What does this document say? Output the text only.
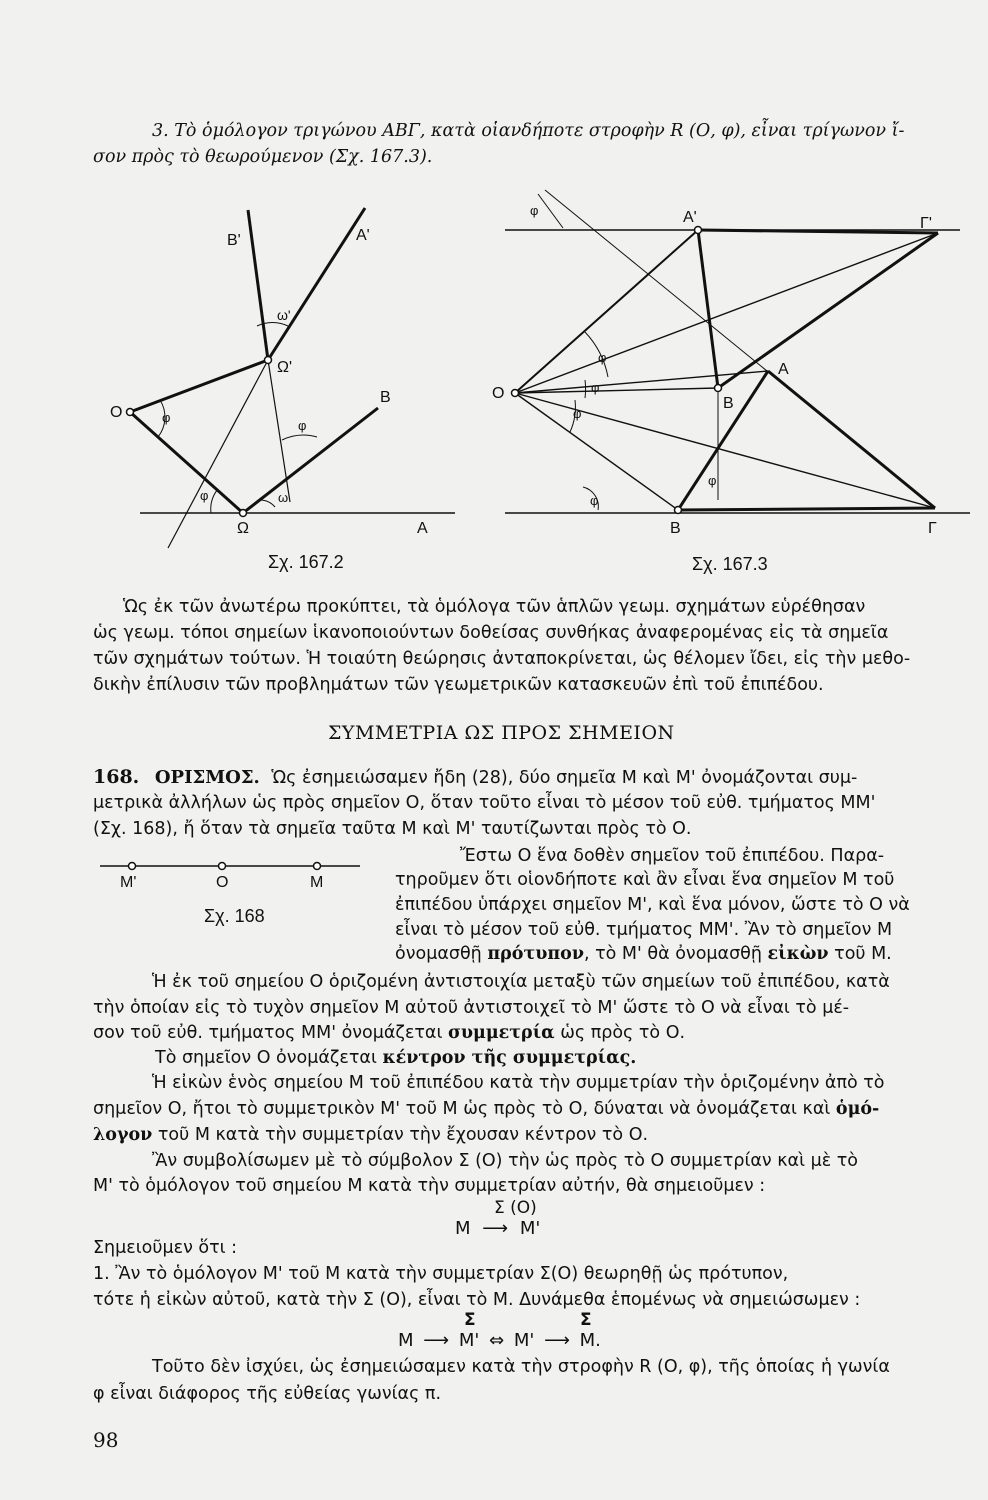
3. Τὸ ὁμόλογον τριγώνου ΑΒΓ, κατὰ οἱανδήποτε στροφὴν R (Ο, φ), εἶναι τρίγωνον ἴ-
σον πρὸς τὸ θεωρούμενον (Σχ. 167.3).
Β'	Α'
ω'
Ω'
Ο	φ
Β
φ
φ	ω
Ω	Α
Σχ. 167.2
φ	Α'	Γ'
Ο
φ
φ
φ
Α
Β
φ
φ
Β	Γ
Σχ. 167.3
Ὡς ἐκ τῶν ἀνωτέρω προκύπτει, τὰ ὁμόλογα τῶν ἁπλῶν γεωμ. σχημάτων εὑρέθησαν
ὡς γεωμ. τόποι σημείων ἱκανοποιούντων δοθείσας συνθήκας ἀναφερομένας εἰς τὰ σημεῖα
τῶν σχημάτων τούτων. Ἡ τοιαύτη θεώρησις ἀνταποκρίνεται, ὡς θέλομεν ἴδει, εἰς τὴν μεθο-
δικὴν ἐπίλυσιν τῶν προβλημάτων τῶν γεωμετρικῶν κατασκευῶν ἐπὶ τοῦ ἐπιπέδου.
ΣΥΜΜΕΤΡΙΑ ΩΣ ΠΡΟΣ ΣΗΜΕΙΟΝ
168. ΟΡΙΣΜΟΣ. Ὡς ἐσημειώσαμεν ἤδη (28), δύο σημεῖα Μ καὶ Μ' ὀνομάζονται συμ-
μετρικὰ ἀλλήλων ὡς πρὸς σημεῖον Ο, ὅταν τοῦτο εἶναι τὸ μέσον τοῦ εὐθ. τμήματος ΜΜ'
(Σχ. 168), ἤ ὅταν τὰ σημεῖα ταῦτα Μ καὶ Μ' ταυτίζωνται πρὸς τὸ Ο.
Μ'	Ο	Μ
Σχ. 168
Ἔστω Ο ἕνα δοθὲν σημεῖον τοῦ ἐπιπέδου. Παρα-
τηροῦμεν ὅτι οἱονδήποτε καὶ ἂν εἶναι ἕνα σημεῖον Μ τοῦ
ἐπιπέδου ὑπάρχει σημεῖον Μ', καὶ ἕνα μόνον, ὥστε τὸ Ο νὰ
εἶναι τὸ μέσον τοῦ εὐθ. τμήματος ΜΜ'. Ἂν τὸ σημεῖον Μ
ὀνομασθῇ πρότυπον, τὸ Μ' θὰ ὀνομασθῇ εἰκὼν τοῦ Μ.
Ἡ ἐκ τοῦ σημείου Ο ὁριζομένη ἀντιστοιχία μεταξὺ τῶν σημείων τοῦ ἐπιπέδου, κατὰ
τὴν ὁποίαν εἰς τὸ τυχὸν σημεῖον Μ αὐτοῦ ἀντιστοιχεῖ τὸ Μ' ὥστε τὸ Ο νὰ εἶναι τὸ μέ-
σον τοῦ εὐθ. τμήματος ΜΜ' ὀνομάζεται συμμετρία ὡς πρὸς τὸ Ο.
Τὸ σημεῖον Ο ὀνομάζεται κέντρον τῆς συμμετρίας.
Ἡ εἰκὼν ἑνὸς σημείου Μ τοῦ ἐπιπέδου κατὰ τὴν συμμετρίαν τὴν ὁριζομένην ἀπὸ τὸ
σημεῖον Ο, ἤτοι τὸ συμμετρικὸν Μ' τοῦ Μ ὡς πρὸς τὸ Ο, δύναται νὰ ὀνομάζεται καὶ ὁμό-
λογον τοῦ Μ κατὰ τὴν συμμετρίαν τὴν ἔχουσαν κέντρον τὸ Ο.
Ἂν συμβολίσωμεν μὲ τὸ σύμβολον Σ (Ο) τὴν ὡς πρὸς τὸ Ο συμμετρίαν καὶ μὲ τὸ
Μ' τὸ ὁμόλογον τοῦ σημείου Μ κατὰ τὴν συμμετρίαν αὐτήν, θὰ σημειοῦμεν :
Σ (Ο)
Μ ⟶ Μ'
Σημειοῦμεν ὅτι :
1. Ἂν τὸ ὁμόλογον Μ' τοῦ Μ κατὰ τὴν συμμετρίαν Σ(Ο) θεωρηθῇ ὡς πρότυπον,
τότε ἡ εἰκὼν αὐτοῦ, κατὰ τὴν Σ (Ο), εἶναι τὸ Μ. Δυνάμεθα ἑπομένως νὰ σημειώσωμεν :
Σ	Σ
Μ ⟶ Μ' ⇔ Μ' ⟶ Μ.
Τοῦτο δὲν ἰσχύει, ὡς ἐσημειώσαμεν κατὰ τὴν στροφὴν R (Ο, φ), τῆς ὁποίας ἡ γωνία
φ εἶναι διάφορος τῆς εὐθείας γωνίας π.
98
